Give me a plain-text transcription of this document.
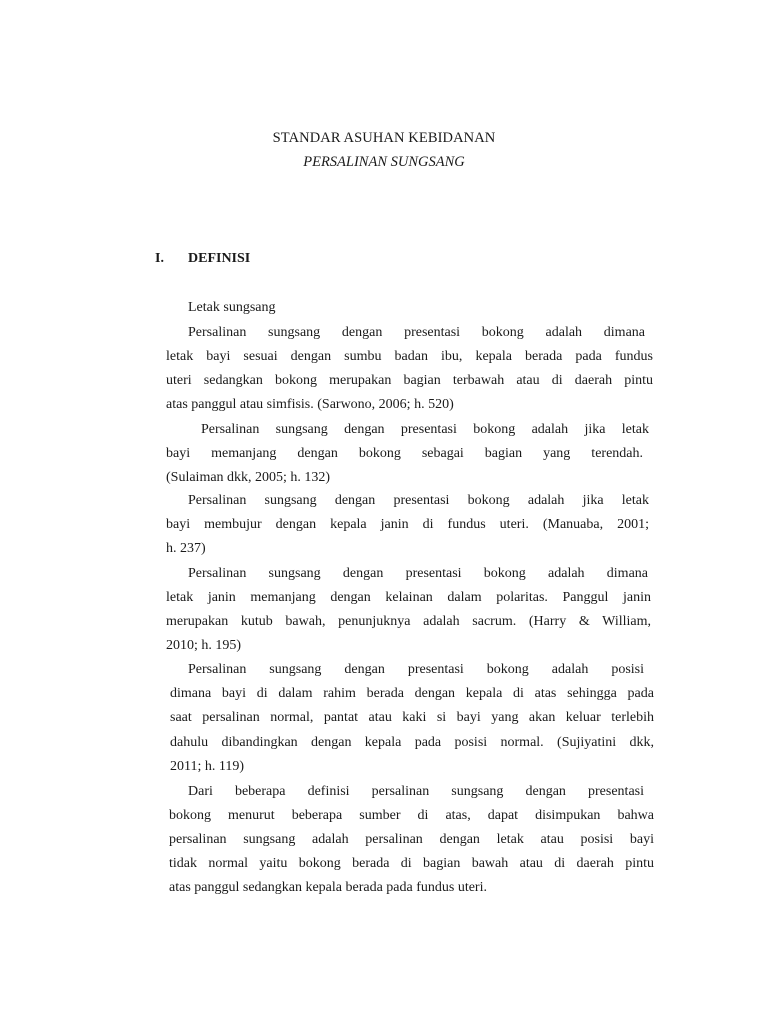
STANDAR ASUHAN KEBIDANAN
PERSALINAN SUNGSANG
I. DEFINISI
Letak sungsang
Persalinan sungsang dengan presentasi bokong adalah dimana
letak bayi sesuai dengan sumbu badan ibu, kepala berada pada fundus
uteri sedangkan bokong merupakan bagian terbawah atau di daerah pintu
atas panggul atau simfisis. (Sarwono, 2006; h. 520)
Persalinan sungsang dengan presentasi bokong adalah jika letak
bayi memanjang dengan bokong sebagai bagian yang terendah.
(Sulaiman dkk, 2005; h. 132)
Persalinan sungsang dengan presentasi bokong adalah jika letak
bayi membujur dengan kepala janin di fundus uteri. (Manuaba, 2001;
h. 237)
Persalinan sungsang dengan presentasi bokong adalah dimana
letak janin memanjang dengan kelainan dalam polaritas. Panggul janin
merupakan kutub bawah, penunjuknya adalah sacrum. (Harry & William,
2010; h. 195)
Persalinan sungsang dengan presentasi bokong adalah posisi
dimana bayi di dalam rahim berada dengan kepala di atas sehingga pada
saat persalinan normal, pantat atau kaki si bayi yang akan keluar terlebih
dahulu dibandingkan dengan kepala pada posisi normal. (Sujiyatini dkk,
2011; h. 119)
Dari beberapa definisi persalinan sungsang dengan presentasi
bokong menurut beberapa sumber di atas, dapat disimpukan bahwa
persalinan sungsang adalah persalinan dengan letak atau posisi bayi
tidak normal yaitu bokong berada di bagian bawah atau di daerah pintu
atas panggul sedangkan kepala berada pada fundus uteri.
